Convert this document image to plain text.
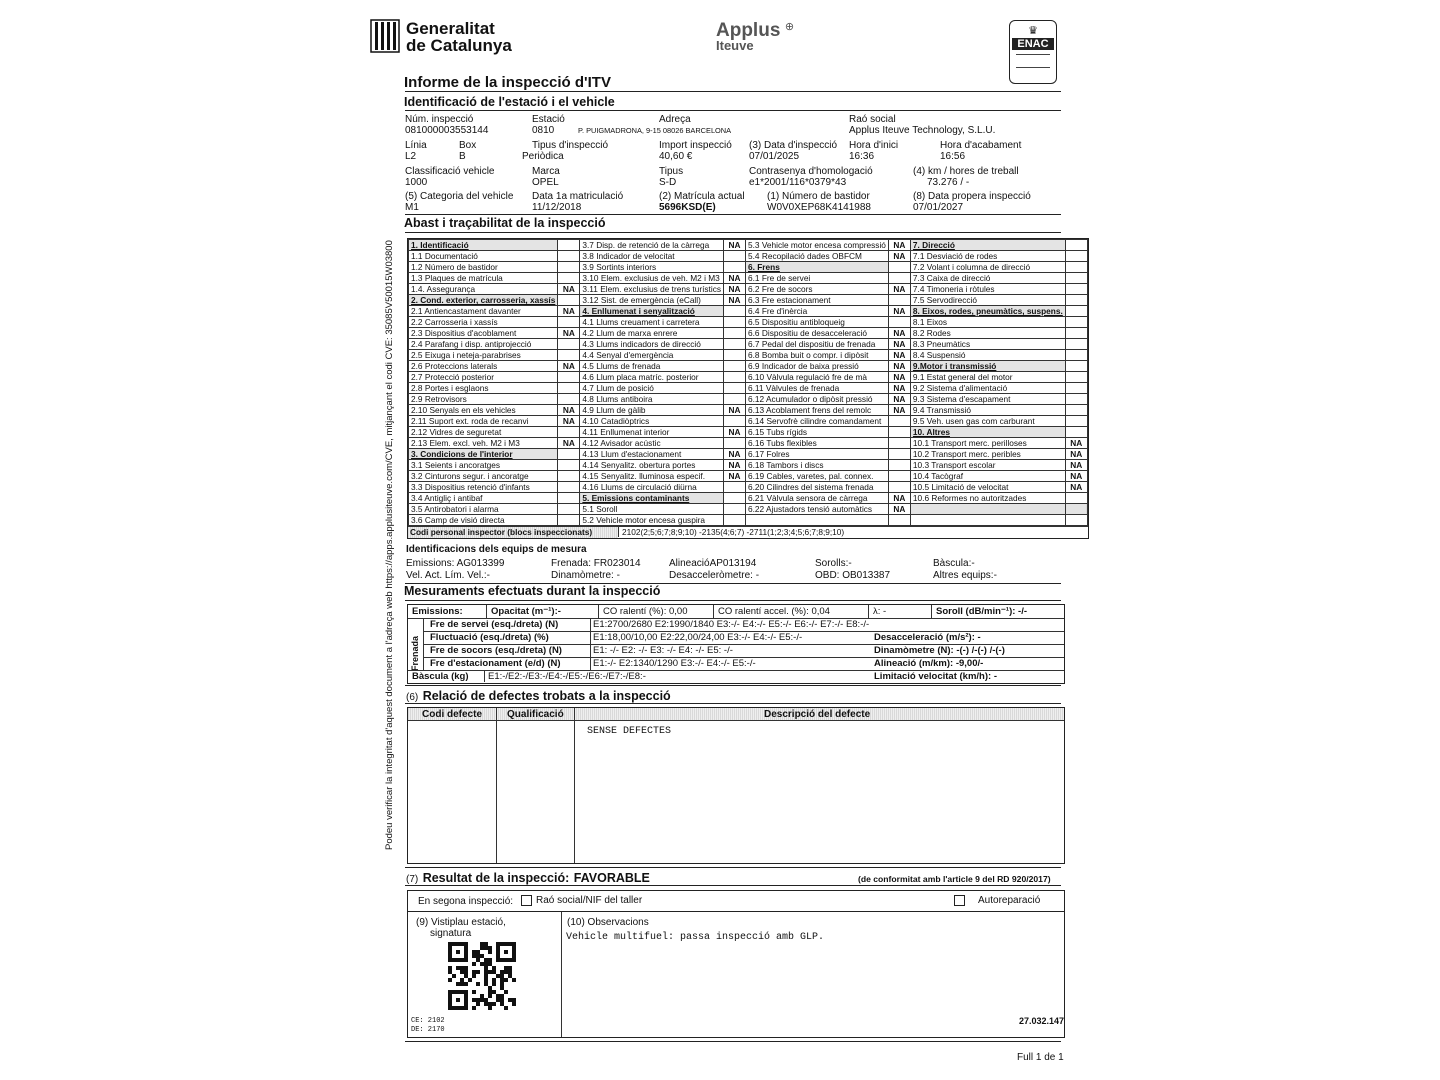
Podeu verificar la integritat d'aquest document a l'adreça web https://apps.applusiteuve.com/CVE, mitjançant el codi CVE: 35085V50015W03800
Generalitat
de Catalunya
Applus ⊕
Iteuve
♛
ENAC
Informe de la inspecció d'ITV
Identificació de l'estació i el vehicle
Núm. inspecció
081000003553144
Estació
0810
Adreça
P. PUIGMADRONA, 9-15 08026 BARCELONA
Raó social
Applus Iteuve Technology, S.L.U.
Línia
L2
Box
B
Tipus d'inspecció
Periòdica
Import inspecció
40,60 €
(3) Data d'inspecció
07/01/2025
Hora d'inici
16:36
Hora d'acabament
16:56
Classificació vehicle
1000
Marca
OPEL
Tipus
S-D
Contrasenya d'homologació
e1*2001/116*0379*43
(4) km / hores de treball
73.276 / -
(5) Categoria del vehicle
M1
Data 1a matriculació
11/12/2018
(2) Matrícula actual
5696KSD(E)
(1) Número de bastidor
W0V0XEP68K4141988
(8) Data propera inspecció
07/01/2027
Abast i traçabilitat de la inspecció
1. Identificació		3.7 Disp. de retenció de la càrrega	NA	5.3 Vehicle motor encesa compressió	NA	7. Direcció	
1.1 Documentació		3.8 Indicador de velocitat		5.4 Recopilació dades OBFCM	NA	7.1 Desviació de rodes	
1.2 Número de bastidor		3.9 Sortints interiors		6. Frens		7.2 Volant i columna de direcció	
1.3 Plaques de matrícula		3.10 Elem. exclusius de veh. M2 i M3	NA	6.1 Fre de servei		7.3 Caixa de direcció	
1.4. Assegurança	NA	3.11 Elem. exclusius de trens turístics	NA	6.2 Fre de socors	NA	7.4 Timoneria i ròtules	
2. Cond. exterior, carrosseria, xassís		3.12 Sist. de emergència (eCall)	NA	6.3 Fre estacionament		7.5 Servodirecció	
2.1 Antiencastament davanter	NA	4. Enllumenat i senyalització		6.4 Fre d'inèrcia	NA	8. Eixos, rodes, pneumàtics, suspens.	
2.2 Carrosseria i xassís		4.1 Llums creuament i carretera		6.5 Dispositiu antibloqueig		8.1 Eixos	
2.3 Dispositius d'acoblament	NA	4.2 Llum de marxa enrere		6.6 Dispositiu de desacceleració	NA	8.2 Rodes	
2.4 Parafang i disp. antiprojecció		4.3 Llums indicadors de direcció		6.7 Pedal del dispositiu de frenada	NA	8.3 Pneumàtics	
2.5 Eixuga i neteja-parabrises		4.4 Senyal d'emergència		6.8 Bomba buit o compr. i dipòsit	NA	8.4 Suspensió	
2.6 Proteccions laterals	NA	4.5 Llums de frenada		6.9 Indicador de baixa pressió	NA	9.Motor i transmissió	
2.7 Protecció posterior		4.6 Llum placa matríc. posterior		6.10 Vàlvula regulació fre de mà	NA	9.1 Estat general del motor	
2.8 Portes i esglaons		4.7 Llum de posició		6.11 Vàlvules de frenada	NA	9.2 Sistema d'alimentació	
2.9 Retrovisors		4.8 Llums antiboira		6.12 Acumulador o dipòsit pressió	NA	9.3 Sistema d'escapament	
2.10 Senyals en els vehicles	NA	4.9 Llum de gàlib	NA	6.13 Acoblament frens del remolc	NA	9.4 Transmissió	
2.11 Suport ext. roda de recanvi	NA	4.10 Catadiòptrics		6.14 Servofrè cilindre comandament		9.5 Veh. usen gas com carburant	
2.12 Vidres de seguretat		4.11 Enllumenat interior	NA	6.15 Tubs rígids		10. Altres	
2.13 Elem. excl. veh. M2 i M3	NA	4.12 Avisador acústic		6.16 Tubs flexibles		10.1 Transport merc. perilloses	NA
3. Condicions de l'interior		4.13 Llum d'estacionament	NA	6.17 Folres		10.2 Transport merc. peribles	NA
3.1 Seients i ancoratges		4.14 Senyalitz. obertura portes	NA	6.18 Tambors i discs		10.3 Transport escolar	NA
3.2 Cinturons segur. i ancoratge		4.15 Senyalitz. lluminosa especif.	NA	6.19 Cables, varetes, pal. connex.		10.4 Tacògraf	NA
3.3 Dispositius retenció d'infants		4.16 Llums de circulació diürna		6.20 Cilindres del sistema frenada		10.5 Limitació de velocitat	NA
3.4 Antigliç i antibaf		5. Emissions contaminants		6.21 Vàlvula sensora de càrrega	NA	10.6 Reformes no autoritzades	
3.5 Antirobatori i alarma		5.1 Soroll		6.22 Ajustadors tensió automàtics	NA		
3.6 Camp de visió directa		5.2 Vehicle motor encesa guspira					
Codi personal inspector (blocs inspeccionats)	2102(2;5;6;7;8;9;10) -2135(4;6;7) -2711(1;2;3;4;5;6;7;8;9;10)
Identificacions dels equips de mesura
Emissions: AG013399	Frenada: FR023014	AlineacióAP013194	Sorolls:-	Bàscula:-
Vel. Act. Lím. Vel.:-	Dinamòmetre: -	Desacceleròmetre: -	OBD: OB013387	Altres equips:-
Mesuraments efectuats durant la inspecció
Emissions:	Opacitat (m⁻¹):-	CO ralentí (%): 0,00	CO ralentí accel. (%): 0,04	λ: -	Soroll (dB/min⁻¹): -/-
Frenada
Fre de servei (esq./dreta) (N)	E1:2700/2680 E2:1990/1840 E3:-/- E4:-/- E5:-/- E6:-/- E7:-/- E8:-/-
Fluctuació (esq./dreta) (%)	E1:18,00/10,00 E2:22,00/24,00 E3:-/- E4:-/- E5:-/-	Desacceleració (m/s²): -
Fre de socors (esq./dreta) (N)	E1: -/- E2: -/- E3: -/- E4: -/- E5: -/-	Dinamòmetre (N): -(-) /-(-) /-(-)
Fre d'estacionament (e/d) (N)	E1:-/- E2:1340/1290 E3:-/- E4:-/- E5:-/-	Alineació (m/km): -9,00/-
Bàscula (kg) E1:-/E2:-/E3:-/E4:-/E5:-/E6:-/E7:-/E8:-	Limitació velocitat (km/h): -
(6) Relació de defectes trobats a la inspecció
Codi defecte Qualificació	Descripció del defecte
SENSE DEFECTES
(7) Resultat de la inspecció: FAVORABLE	(de conformitat amb l'article 9 del RD 920/2017)
En segona inspecció:	Raó social/NIF del taller	Autoreparació
(9) Vistiplau estació,
signatura
CE: 2102
DE: 2170
(10) Observacions
Vehicle multifuel: passa inspecció amb GLP.
27.032.147
Full 1 de 1
